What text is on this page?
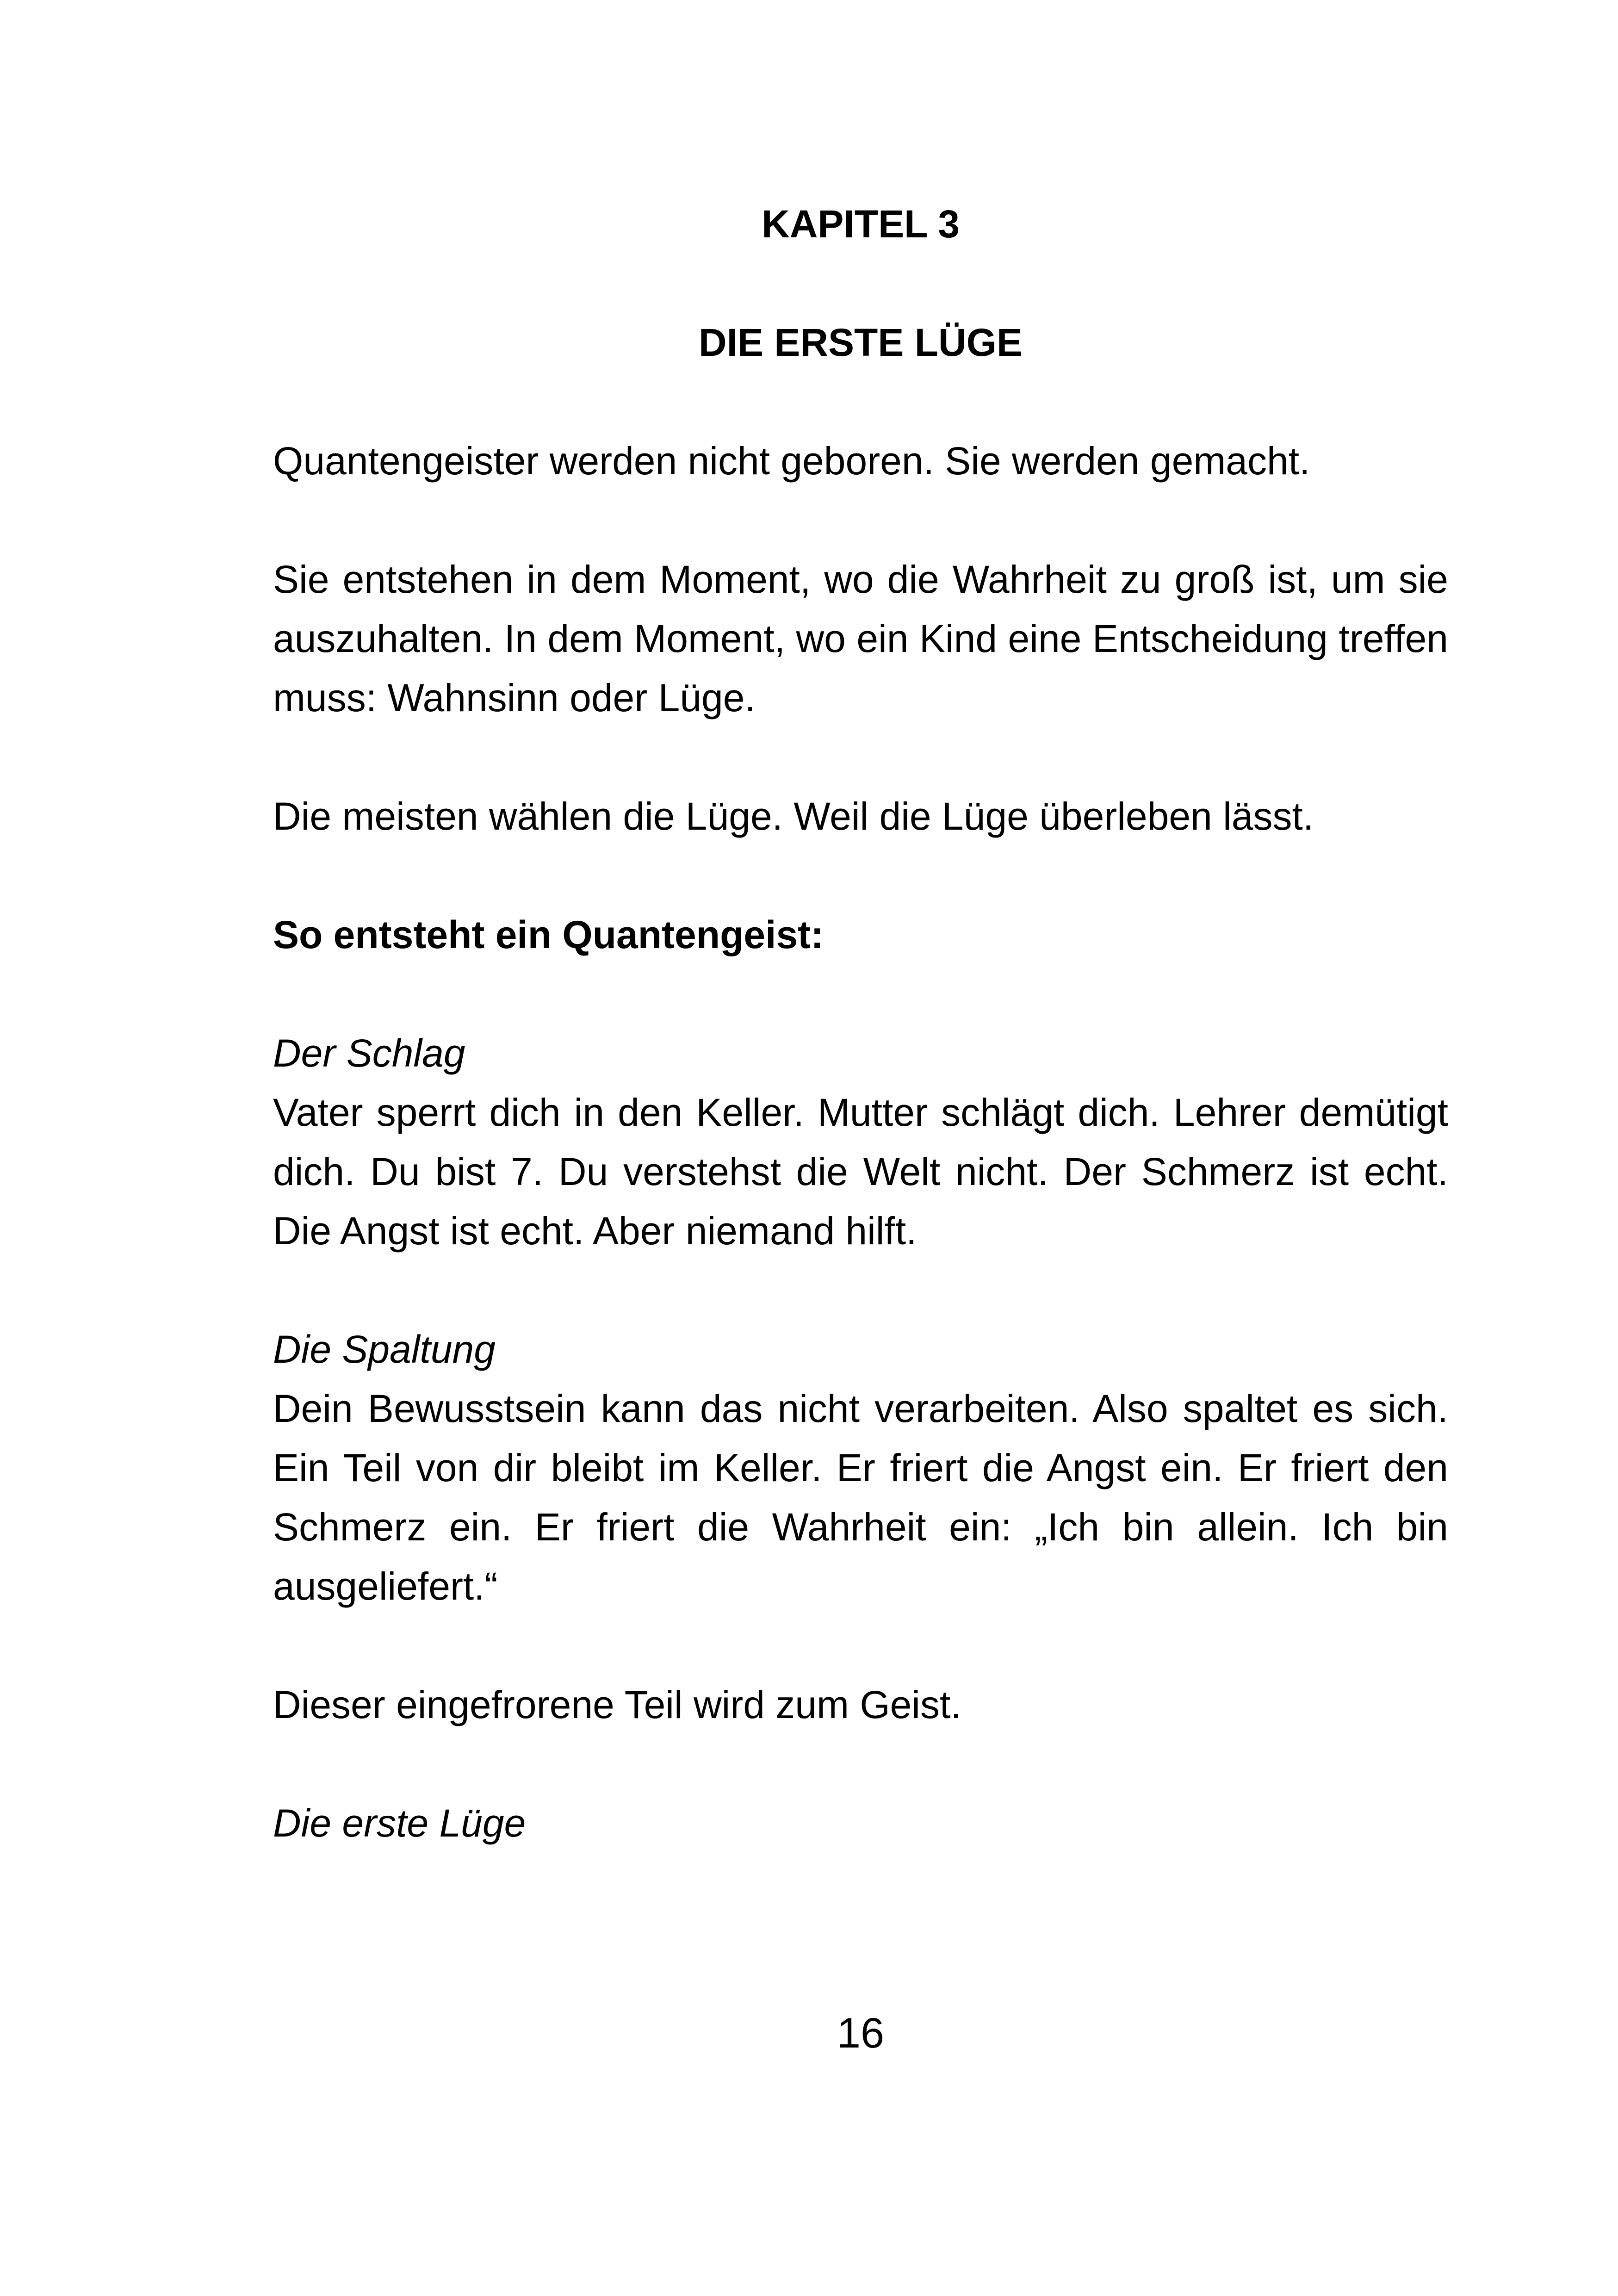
KAPITEL 3
DIE ERSTE LÜGE

Quantengeister werden nicht geboren. Sie werden gemacht.

Sie entstehen in dem Moment, wo die Wahrheit zu groß ist, um sie auszuhalten. In dem Moment, wo ein Kind eine Entscheidung treffen muss: Wahnsinn oder Lüge.

Die meisten wählen die Lüge. Weil die Lüge überleben lässt.

So entsteht ein Quantengeist:

Der Schlag

Vater sperrt dich in den Keller. Mutter schlägt dich. Lehrer demütigt dich. Du bist 7. Du verstehst die Welt nicht. Der Schmerz ist echt. Die Angst ist echt. Aber niemand hilft.

Die Spaltung

Dein Bewusstsein kann das nicht verarbeiten. Also spaltet es sich. Ein Teil von dir bleibt im Keller. Er friert die Angst ein. Er friert den Schmerz ein. Er friert die Wahrheit ein: „Ich bin allein. Ich bin ausgeliefert.“

Dieser eingefrorene Teil wird zum Geist.

Die erste Lüge

16
